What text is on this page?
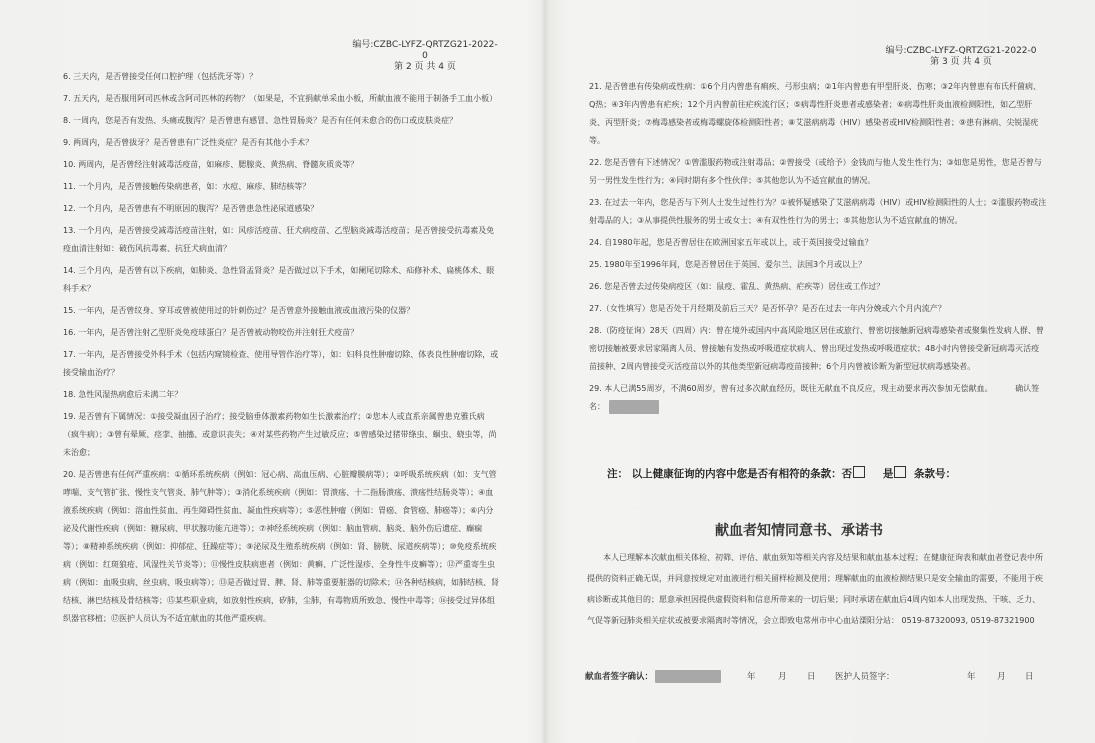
编号:CZBC-LYFZ-QRTZG21-2022-0
第 2 页 共 4 页
6. 三天内，是否曾接受任何口腔护理（包括洗牙等）？
7. 五天内，是否服用阿司匹林或含阿司匹林的药物？（如果是，不宜捐献单采血小板，所献血液不能用于制备手工血小板）
8. 一周内，您是否有发热、头痛或腹泻？是否曾患有感冒、急性胃肠炎？是否有任何未愈合的伤口或皮肤炎症？
9. 两周内，是否曾拔牙？是否曾患有广泛性炎症？是否有其他小手术？
10. 两周内，是否曾经注射减毒活疫苗，如麻疹、腮腺炎、黄热病、脊髓灰质炎等？
11. 一个月内，是否曾接触传染病患者，如：水痘、麻疹、肺结核等？
12. 一个月内，是否曾患有不明原因的腹泻？是否曾患急性泌尿道感染？
13. 一个月内，是否曾接受减毒活疫苗注射，如：风疹活疫苗、狂犬病疫苗、乙型脑炎减毒活疫苗；是否曾接受抗毒素及免疫血清注射如：破伤风抗毒素、抗狂犬病血清？
14. 三个月内，是否曾有以下疾病，如肺炎、急性肾盂肾炎？是否做过以下手术，如阑尾切除术、疝修补术、扁桃体术、眼科手术？
15. 一年内，是否曾纹身、穿耳或曾被使用过的针刺伤过？是否曾意外接触血液或血液污染的仪器？
16. 一年内，是否曾注射乙型肝炎免疫球蛋白？是否曾被动物咬伤并注射狂犬疫苗？
17. 一年内，是否曾接受外科手术（包括内窥镜检查、使用导管作治疗等），如：妇科良性肿瘤切除、体表良性肿瘤切除，或接受输血治疗？
18. 急性风湿热病愈后未满二年？
19. 是否曾有下属情况：①接受凝血因子治疗；接受脑垂体激素药物如生长激素治疗；②您本人或直系亲属曾患克雅氏病（疯牛病）；③曾有晕厥、痉挛、抽搐、或意识丧失；④对某些药物产生过敏反应；⑤曾感染过猪带绦虫、蛔虫、蛲虫等，尚未治愈；
20. 是否曾患有任何严重疾病：①循环系统疾病（例如：冠心病、高血压病、心脏瓣膜病等）；②呼吸系统疾病（如：支气管哮喘、支气管扩张、慢性支气管炎、肺气肿等）；③消化系统疾病（例如：胃溃疡、十二指肠溃疡、溃疡性结肠炎等）；④血液系统疾病（例如：溶血性贫血、再生障碍性贫血、凝血性疾病等）；⑤恶性肿瘤（例如：胃癌、食管癌、肺癌等）；⑥内分泌及代谢性疾病（例如：糖尿病、甲状腺功能亢进等）；⑦神经系统疾病（例如：脑血管病、脑炎、脑外伤后遗症、癫痫等）；⑧精神系统疾病（例如：抑郁症、狂躁症等）；⑨泌尿及生殖系统疾病（例如：肾、膀胱、尿道疾病等）；⑩免疫系统疾病（例如：红斑狼疮、风湿性关节炎等）；⑪慢性皮肤病患者（例如：黄癣、广泛性湿疹、全身性牛皮癣等）；⑫严重寄生虫病（例如：血吸虫病、丝虫病、吸虫病等）；⑬是否做过胃、脾、肾、肺等重要脏器的切除术；⑭各种结核病，如肺结核、肾结核、淋巴结核及骨结核等；⑮某些职业病，如放射性疾病，矽肺，尘肺，有毒物质所致急、慢性中毒等；⑯接受过异体组织器官移植；⑰医护人员认为不适宜献血的其他严重疾病。
编号:CZBC-LYFZ-QRTZG21-2022-0
第 3 页 共 4 页
21. 是否曾患有传染病或性病：①6个月内曾患有痢疾、弓形虫病；②1年内曾患有甲型肝炎、伤寒；③2年内曾患有布氏杆菌病、Q热；④3年内曾患有疟疾；12个月内曾前往疟疾流行区；⑤病毒性肝炎患者或感染者；⑥病毒性肝炎血液检测阳性，如乙型肝炎、丙型肝炎；⑦梅毒感染者或梅毒螺旋体检测阳性者；⑧艾滋病病毒（HIV）感染者或HIV检测阳性者；⑨患有淋病、尖锐湿疣等。
22. 您是否曾有下述情况？①曾滥服药物或注射毒品；②曾接受（或给予）金钱而与他人发生性行为；③如您是男性，您是否曾与另一男性发生性行为；④同时期有多个性伙伴；⑤其他您认为不适宜献血的情况。
23. 在过去一年内，您是否与下列人士发生过性行为？①被怀疑感染了艾滋病病毒（HIV）或HIV检测阳性的人士；②滥服药物或注射毒品的人；③从事提供性服务的男士或女士；④有双性性行为的男士；⑤其他您认为不适宜献血的情况。
24. 自1980年起，您是否曾居住在欧洲国家五年或以上，或于英国接受过输血？
25. 1980年至1996年间，您是否曾居住于英国、爱尔兰、法国3个月或以上？
26. 您是否曾去过传染病疫区（如：鼠疫、霍乱、黄热病、疟疾等）居住或工作过？
27.（女性填写）您是否处于月经期及前后三天？是否怀孕？是否在过去一年内分娩或六个月内流产？
28.（防疫征询）28天（四周）内：曾在境外或国内中高风险地区居住或旅行、曾密切接触新冠病毒感染者或聚集性发病人群、曾密切接触被要求居家隔离人员、曾接触有发热或呼吸道症状病人、曾出现过发热或呼吸道症状；48小时内曾接受新冠病毒灭活疫苗接种、2周内曾接受灭活疫苗以外的其他类型新冠病毒疫苗接种；6个月内曾被诊断为新型冠状病毒感染者。
29. 本人已满55周岁，不满60周岁，曾有过多次献血经历，既往无献血不良反应，现主动要求再次参加无偿献血。	确认签名：
注： 以上健康征询的内容中您是否有相符的条款：否	是 条款号：
献血者知情同意书、承诺书
本人已理解本次献血相关体检、初筛、评估、献血须知等相关内容及结果和献血基本过程；在健康征询表和献血者登记表中所提供的资料正确无误，并同意按规定对血液进行相关留样检测及使用；理解献血的血液检测结果只是安全输血的需要，不能用于疾病诊断或其他目的；愿意承担因提供虚假资料和信息所带来的一切后果；同时承诺在献血后4周内如本人出现发热、干咳、乏力、气促等新冠肺炎相关症状或被要求隔离时等情况，会立即致电常州市中心血站溧阳分站： 0519-87320093, 0519-87321900
献血者签字确认：	年	月 日 医护人员签字：	年	月 日
